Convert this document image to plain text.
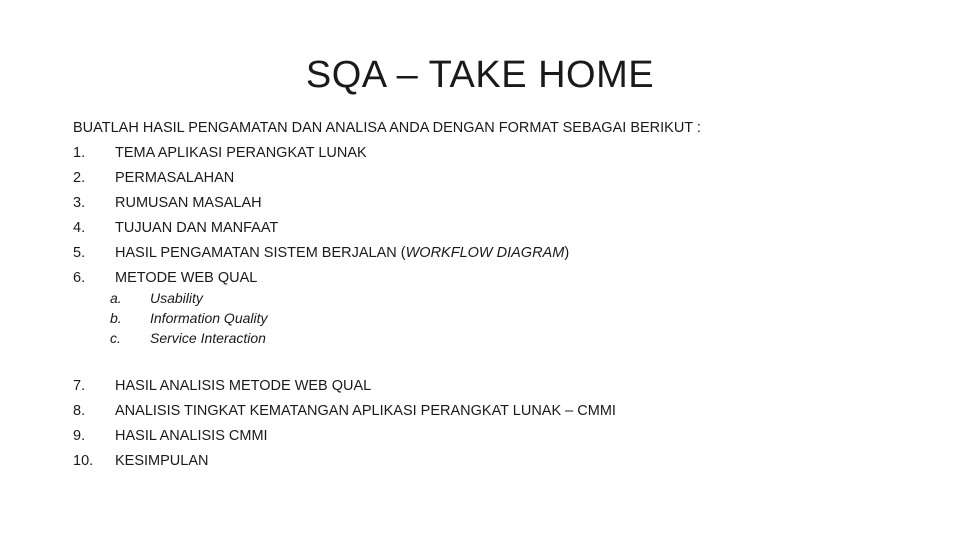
SQA – TAKE HOME
BUATLAH HASIL PENGAMATAN DAN ANALISA ANDA DENGAN FORMAT SEBAGAI BERIKUT :
1.	TEMA APLIKASI PERANGKAT LUNAK
2.	PERMASALAHAN
3.	RUMUSAN MASALAH
4.	TUJUAN DAN MANFAAT
5.	HASIL PENGAMATAN SISTEM BERJALAN (WORKFLOW DIAGRAM)
6.	METODE WEB QUAL
a.	Usability
b.	Information Quality
c.	Service Interaction
7.	HASIL ANALISIS METODE WEB QUAL
8.	ANALISIS TINGKAT KEMATANGAN APLIKASI PERANGKAT LUNAK – CMMI
9.	HASIL ANALISIS CMMI
10.	KESIMPULAN
